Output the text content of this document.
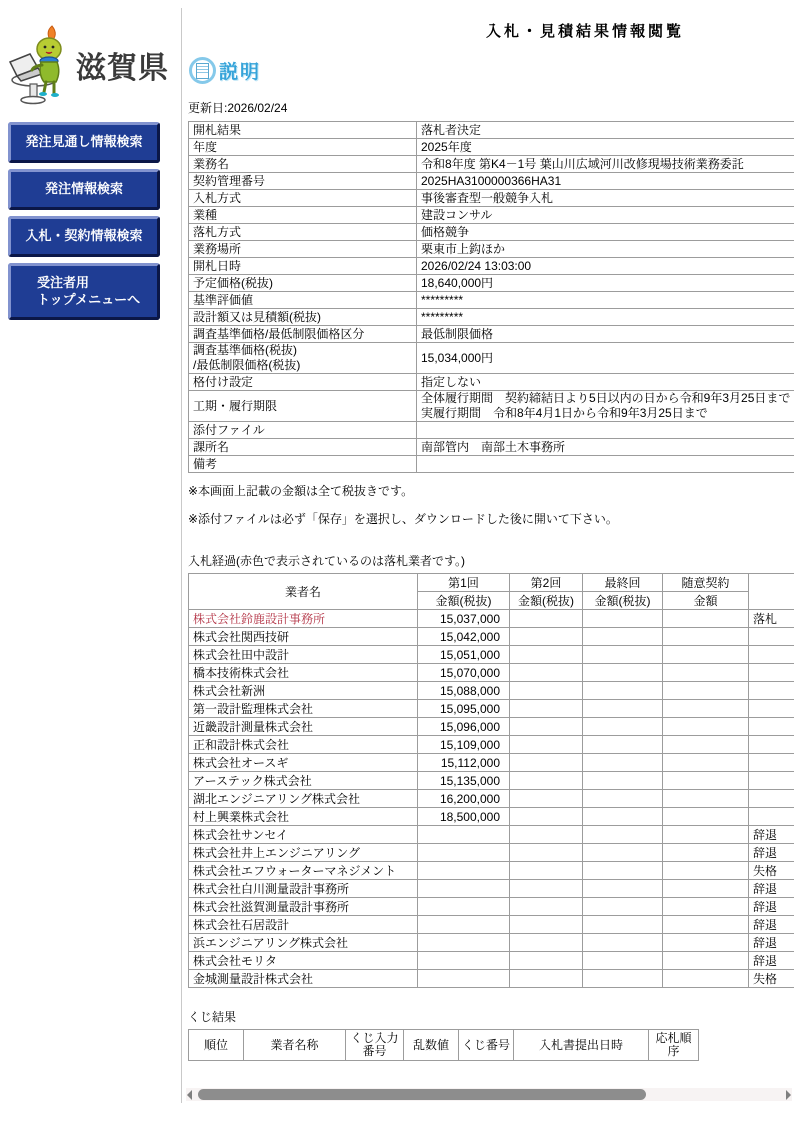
滋賀県
発注見通し情報検索
発注情報検索
入札・契約情報検索
受注者用
トップメニューへ
入札・見積結果情報閲覧
説明
更新日:2026/02/24
開札結果	落札者決定

年度	2025年度

業務名	令和8年度 第K4－1号 葉山川広域河川改修現場技術業務委託

契約管理番号	2025HA3100000366HA31

入札方式	事後審査型一般競争入札

業種	建設コンサル

落札方式	価格競争

業務場所	栗東市上鈎ほか

開札日時	2026/02/24 13:03:00

予定価格(税抜)	18,640,000円

基準評価値	*********

設計額又は見積額(税抜)	*********

調査基準価格/最低制限価格区分	最低制限価格

調査基準価格(税抜)
/最低制限価格(税抜)	15,034,000円

格付け設定	指定しない

工期・履行期限	全体履行期間　契約締結日より5日以内の日から令和9年3月25日まで
実履行期間　令和8年4月1日から令和9年3月25日まで

添付ファイル	

課所名	南部管内　南部土木事務所

備考	

※本画面上記載の金額は全て税抜きです。
※添付ファイルは必ず「保存」を選択し、ダウンロードした後に開いて下さい。
入札経過(赤色で表示されているのは落札業者です。)
業者名	第1回	第2回	最終回	随意契約	
	金額(税抜)	金額(税抜)	金額(税抜)	金額	
株式会社鈴鹿設計事務所	15,037,000				落札
株式会社関西技研	15,042,000				
株式会社田中設計	15,051,000				
橋本技術株式会社	15,070,000				
株式会社新洲	15,088,000				
第一設計監理株式会社	15,095,000				
近畿設計測量株式会社	15,096,000				
正和設計株式会社	15,109,000				
株式会社オースギ	15,112,000				
アーステック株式会社	15,135,000				
湖北エンジニアリング株式会社	16,200,000				
村上興業株式会社	18,500,000				
株式会社サンセイ					辞退
株式会社井上エンジニアリング					辞退
株式会社エフウォーターマネジメント					失格
株式会社白川測量設計事務所					辞退
株式会社滋賀測量設計事務所					辞退
株式会社石居設計					辞退
浜エンジニアリング株式会社					辞退
株式会社モリタ					辞退
金城測量設計株式会社					失格
くじ結果
順位	業者名称	くじ入力番号	乱数値	くじ番号	入札書提出日時	応札順序
